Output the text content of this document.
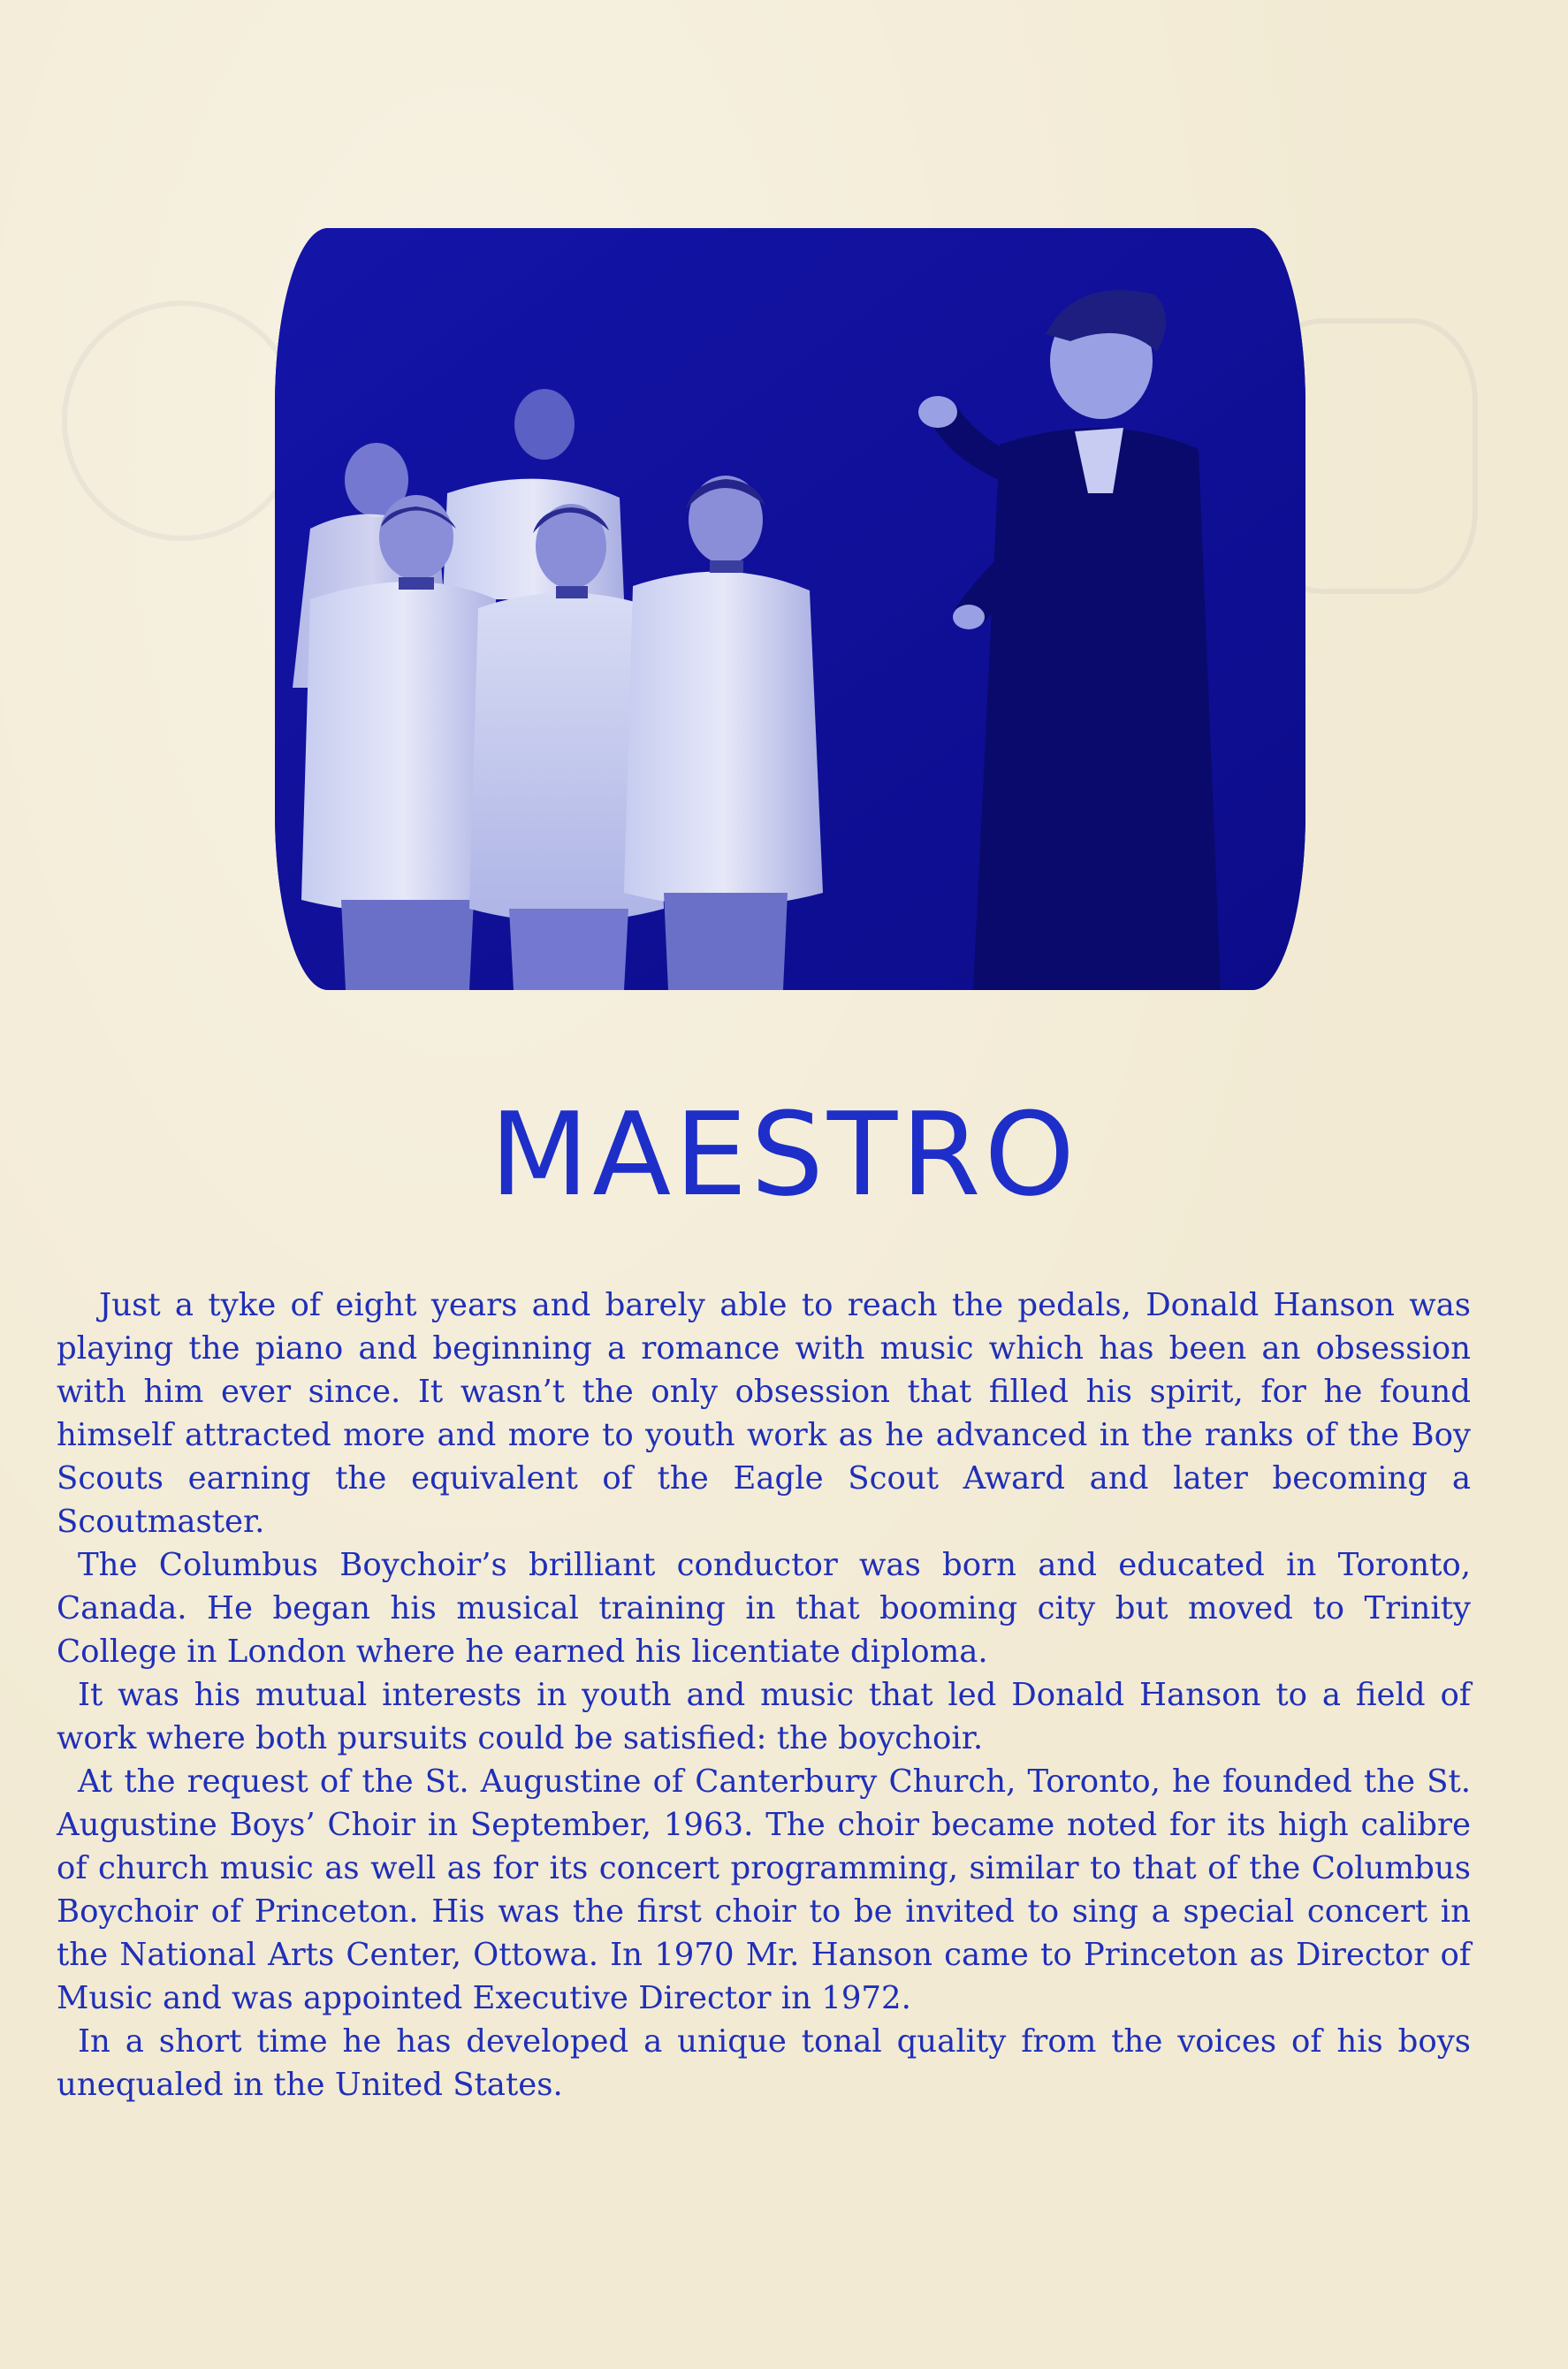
MAESTRO

Just a tyke of eight years and barely able to reach the pedals, Donald Hanson was playing the piano and beginning a romance with music which has been an obsession with him ever since. It wasn’t the only obsession that filled his spirit, for he found himself attracted more and more to youth work as he advanced in the ranks of the Boy Scouts earning the equivalent of the Eagle Scout Award and later becoming a Scoutmaster.

The Columbus Boychoir’s brilliant conductor was born and educated in Toronto, Canada. He began his musical training in that booming city but moved to Trinity College in London where he earned his licentiate diploma.

It was his mutual interests in youth and music that led Donald Hanson to a field of work where both pursuits could be satisfied: the boychoir.

At the request of the St. Augustine of Canterbury Church, Toronto, he founded the St. Augustine Boys’ Choir in September, 1963. The choir became noted for its high calibre of church music as well as for its concert programming, similar to that of the Columbus Boychoir of Princeton. His was the first choir to be invited to sing a special concert in the National Arts Center, Ottowa. In 1970 Mr. Hanson came to Princeton as Director of Music and was appointed Executive Director in 1972.

In a short time he has developed a unique tonal quality from the voices of his boys unequaled in the United States.
